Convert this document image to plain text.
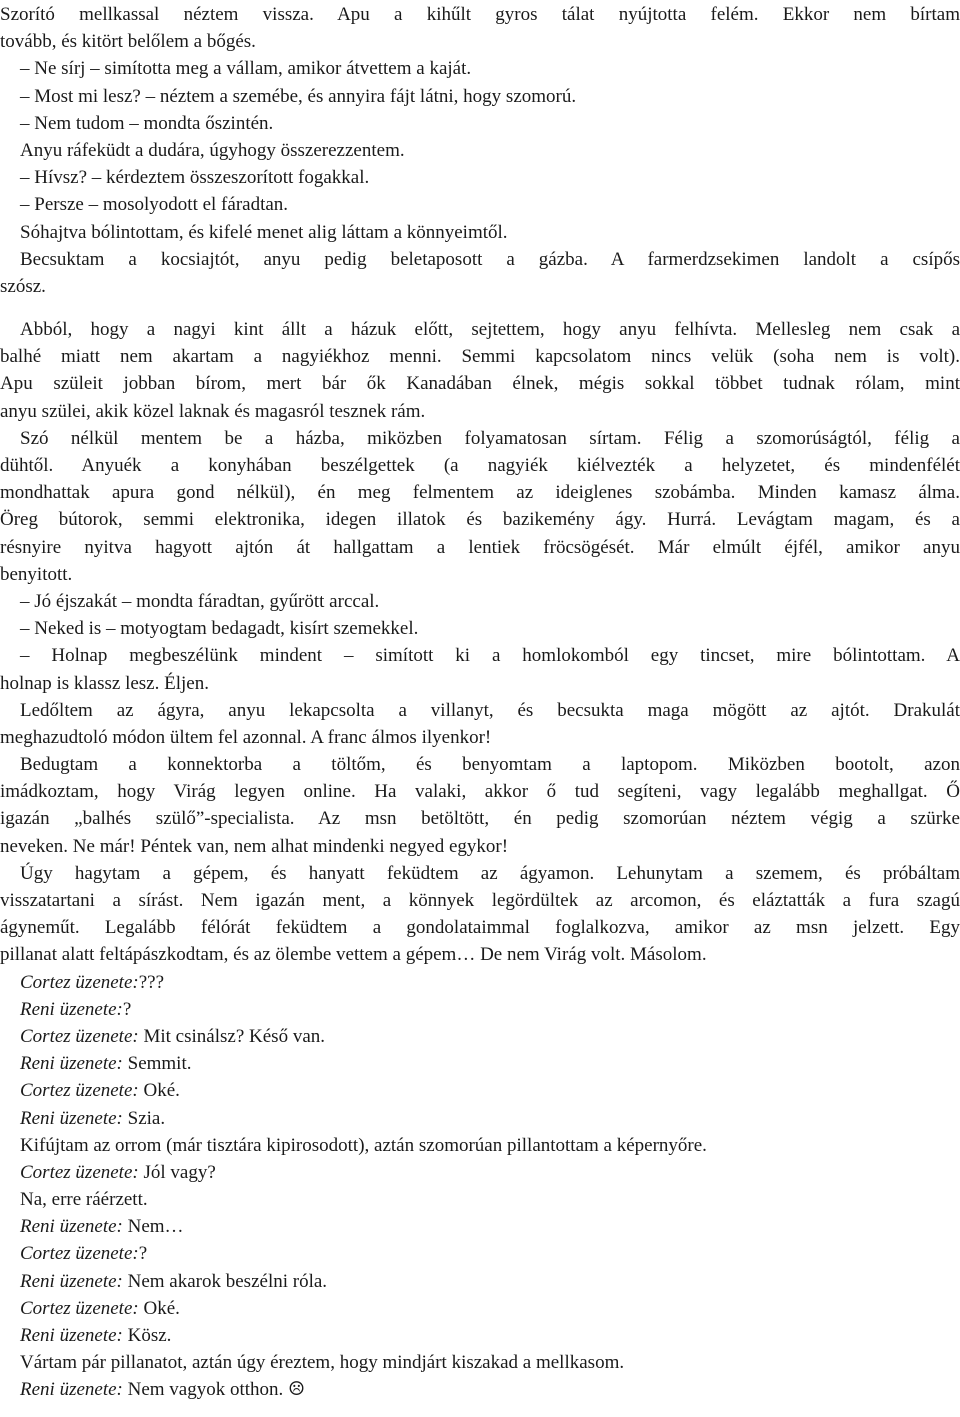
Szorító mellkassal néztem vissza. Apu a kihűlt gyros tálat nyújtotta felém. Ekkor nem bírtam
tovább, és kitört belőlem a bőgés.
– Ne sírj – simította meg a vállam, amikor átvettem a kaját.
– Most mi lesz? – néztem a szemébe, és annyira fájt látni, hogy szomorú.
– Nem tudom – mondta őszintén.
Anyu ráfeküdt a dudára, úgyhogy összerezzentem.
– Hívsz? – kérdeztem összeszorított fogakkal.
– Persze – mosolyodott el fáradtan.
Sóhajtva bólintottam, és kifelé menet alig láttam a könnyeimtől.
Becsuktam a kocsiajtót, anyu pedig beletaposott a gázba. A farmerdzsekimen landolt a csípős
szósz.
Abból, hogy a nagyi kint állt a házuk előtt, sejtettem, hogy anyu felhívta. Mellesleg nem csak a
balhé miatt nem akartam a nagyiékhoz menni. Semmi kapcsolatom nincs velük (soha nem is volt).
Apu szüleit jobban bírom, mert bár ők Kanadában élnek, mégis sokkal többet tudnak rólam, mint
anyu szülei, akik közel laknak és magasról tesznek rám.
Szó nélkül mentem be a házba, miközben folyamatosan sírtam. Félig a szomorúságtól, félig a
dühtől. Anyuék a konyhában beszélgettek (a nagyiék kiélvezték a helyzetet, és mindenfélét
mondhattak apura gond nélkül), én meg felmentem az ideiglenes szobámba. Minden kamasz álma.
Öreg bútorok, semmi elektronika, idegen illatok és bazikemény ágy. Hurrá. Levágtam magam, és a
résnyire nyitva hagyott ajtón át hallgattam a lentiek fröcsögését. Már elmúlt éjfél, amikor anyu
benyitott.
– Jó éjszakát – mondta fáradtan, gyűrött arccal.
– Neked is – motyogtam bedagadt, kisírt szemekkel.
– Holnap megbeszélünk mindent – simított ki a homlokomból egy tincset, mire bólintottam. A
holnap is klassz lesz. Éljen.
Ledőltem az ágyra, anyu lekapcsolta a villanyt, és becsukta maga mögött az ajtót. Drakulát
meghazudtoló módon ültem fel azonnal. A franc álmos ilyenkor!
Bedugtam a konnektorba a töltőm, és benyomtam a laptopom. Miközben bootolt, azon
imádkoztam, hogy Virág legyen online. Ha valaki, akkor ő tud segíteni, vagy legalább meghallgat. Ő
igazán „balhés szülő”-specialista. Az msn betöltött, én pedig szomorúan néztem végig a szürke
neveken. Ne már! Péntek van, nem alhat mindenki negyed egykor!
Úgy hagytam a gépem, és hanyatt feküdtem az ágyamon. Lehunytam a szemem, és próbáltam
visszatartani a sírást. Nem igazán ment, a könnyek legördültek az arcomon, és eláztatták a fura szagú
ágyneműt. Legalább félórát feküdtem a gondolataimmal foglalkozva, amikor az msn jelzett. Egy
pillanat alatt feltápászkodtam, és az ölembe vettem a gépem… De nem Virág volt. Másolom.
Cortez üzenete:???
Reni üzenete:?
Cortez üzenete: Mit csinálsz? Késő van.
Reni üzenete: Semmit.
Cortez üzenete: Oké.
Reni üzenete: Szia.
Kifújtam az orrom (már tisztára kipirosodott), aztán szomorúan pillantottam a képernyőre.
Cortez üzenete: Jól vagy?
Na, erre ráérzett.
Reni üzenete: Nem…
Cortez üzenete:?
Reni üzenete: Nem akarok beszélni róla.
Cortez üzenete: Oké.
Reni üzenete: Kösz.
Vártam pár pillanatot, aztán úgy éreztem, hogy mindjárt kiszakad a mellkasom.
Reni üzenete: Nem vagyok otthon. ☹
